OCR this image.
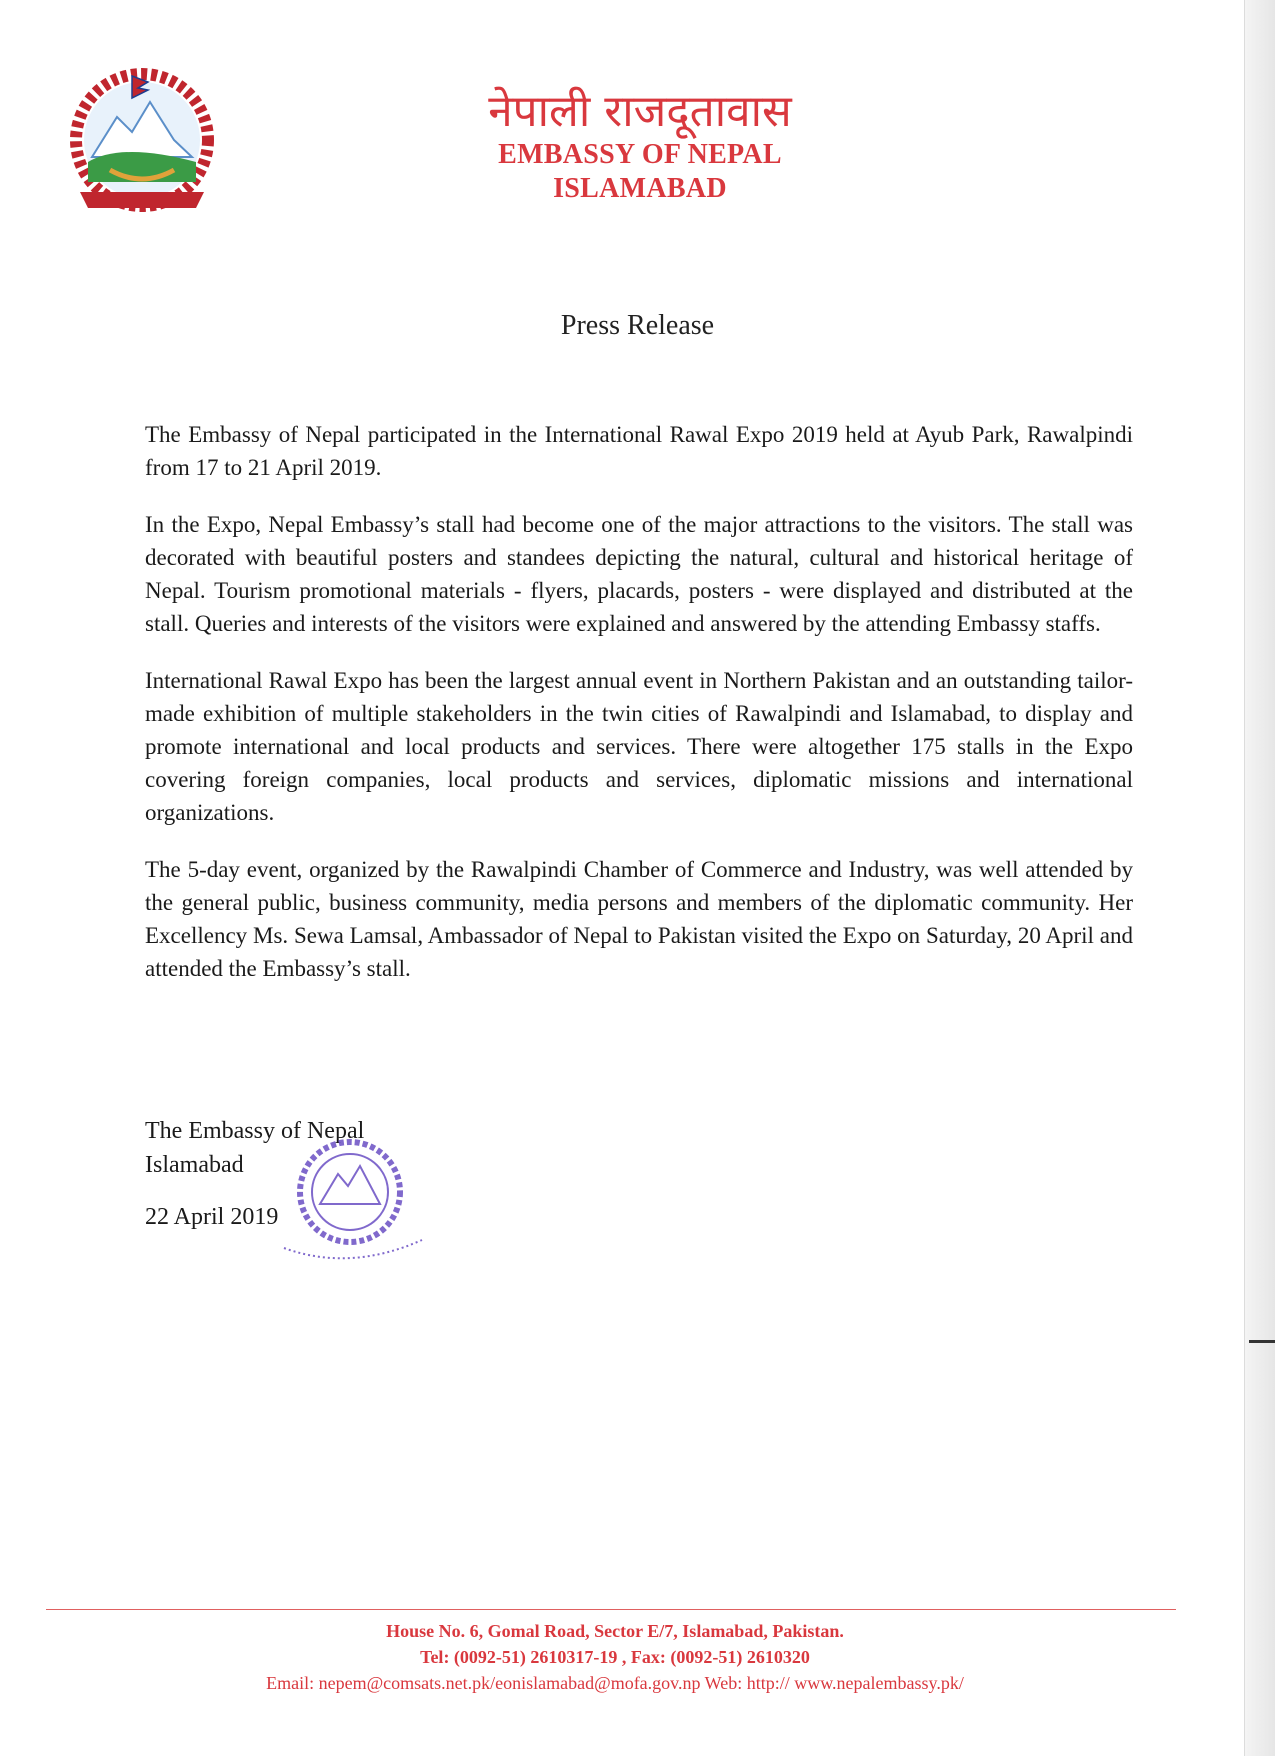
नेपाली राजदूतावास
EMBASSY OF NEPAL
ISLAMABAD
Press Release

The Embassy of Nepal participated in the International Rawal Expo 2019 held at Ayub Park, Rawalpindi from 17 to 21 April 2019.

In the Expo, Nepal Embassy’s stall had become one of the major attractions to the visitors. The stall was decorated with beautiful posters and standees depicting the natural, cultural and historical heritage of Nepal. Tourism promotional materials - flyers, placards, posters - were displayed and distributed at the stall. Queries and interests of the visitors were explained and answered by the attending Embassy staffs.

International Rawal Expo has been the largest annual event in Northern Pakistan and an outstanding tailor-made exhibition of multiple stakeholders in the twin cities of Rawalpindi and Islamabad, to display and promote international and local products and services. There were altogether 175 stalls in the Expo covering foreign companies, local products and services, diplomatic missions and international organizations.

The 5-day event, organized by the Rawalpindi Chamber of Commerce and Industry, was well attended by the general public, business community, media persons and members of the diplomatic community. Her Excellency Ms. Sewa Lamsal, Ambassador of Nepal to Pakistan visited the Expo on Saturday, 20 April and attended the Embassy’s stall.

The Embassy of Nepal
Islamabad
22 April 2019
House No. 6, Gomal Road, Sector E/7, Islamabad, Pakistan.
Tel: (0092-51) 2610317-19 , Fax: (0092-51) 2610320
Email: nepem@comsats.net.pk/eonislamabad@mofa.gov.np Web: http:// www.nepalembassy.pk/
